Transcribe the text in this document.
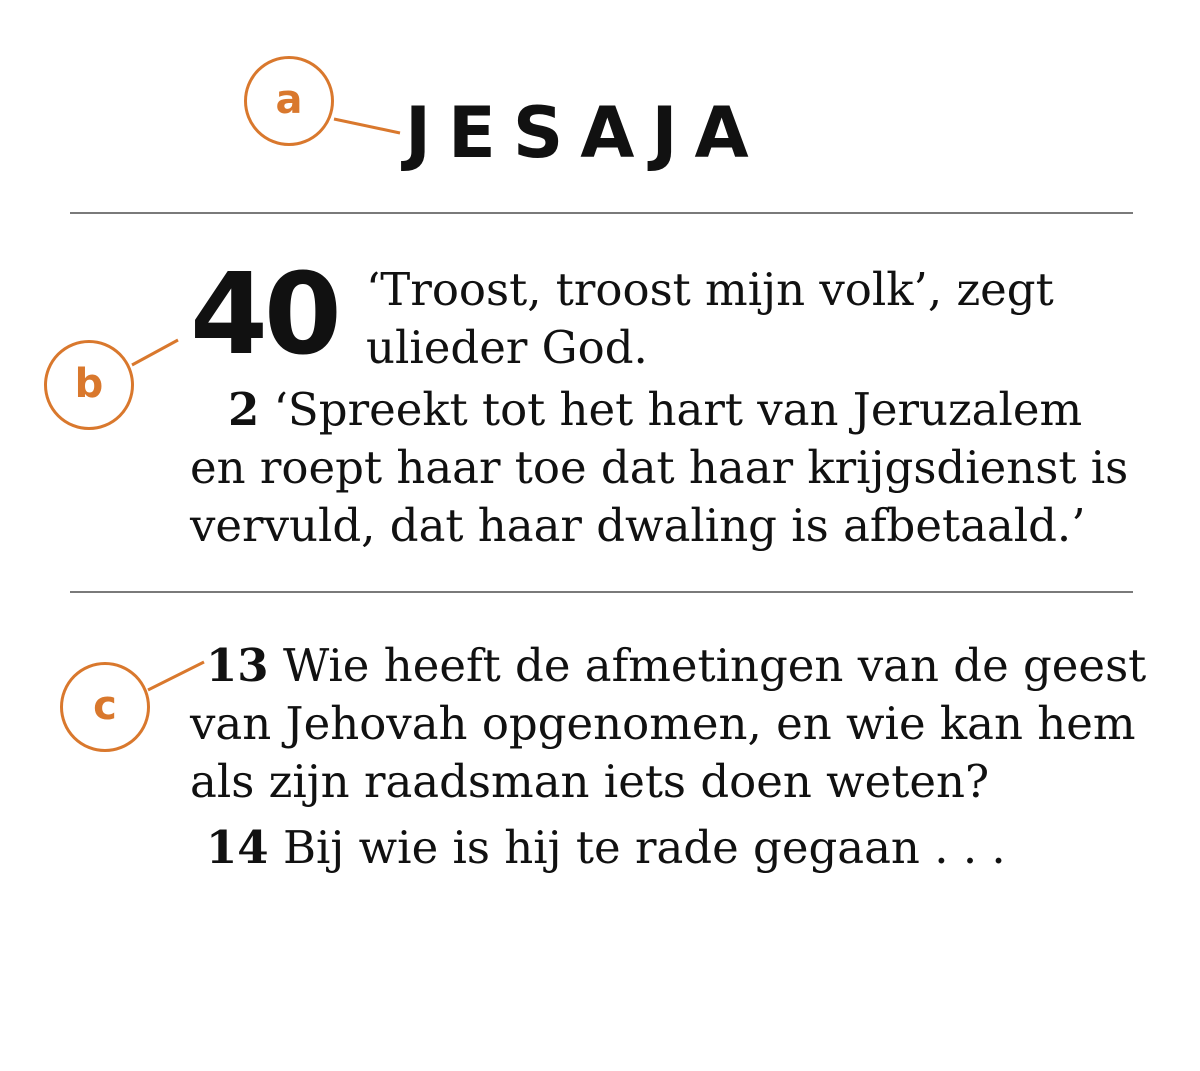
a
b
c
JESAJA
40 ‘Troost, troost mijn volk’, zegt
ulieder God.
2 ‘Spreekt tot het hart van Jeruzalem
en roept haar toe dat haar krijgsdienst is
vervuld, dat haar dwaling is afbetaald.’
13 Wie heeft de afmetingen van de geest
van Jehovah opgenomen, en wie kan hem
als zijn raadsman iets doen weten?
14 Bij wie is hij te rade gegaan . . .
